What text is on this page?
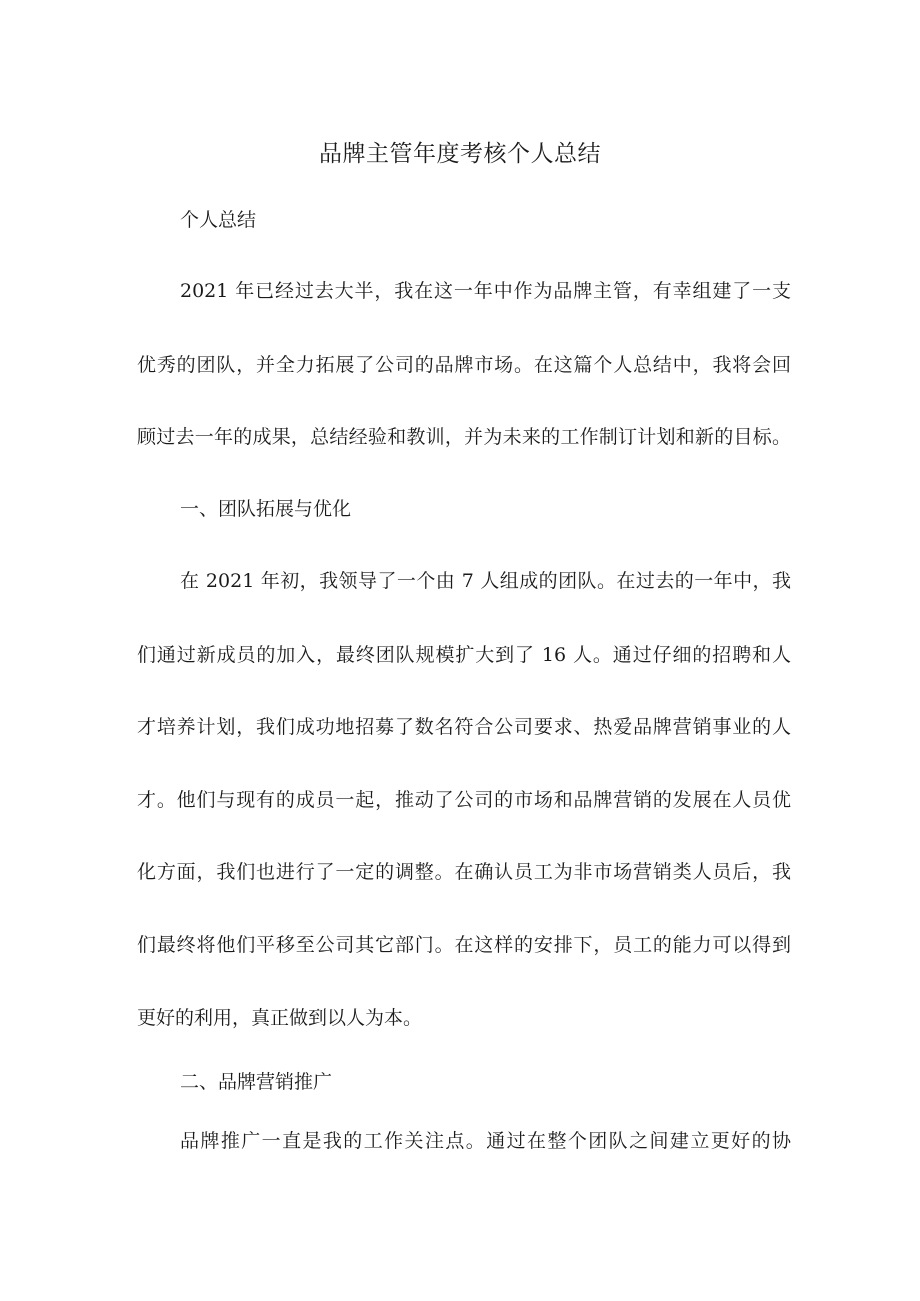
品牌主管年度考核个人总结
个人总结
2021 年已经过去大半，我在这一年中作为品牌主管，有幸组建了一支
优秀的团队，并全力拓展了公司的品牌市场。在这篇个人总结中，我将会回
顾过去一年的成果，总结经验和教训，并为未来的工作制订计划和新的目标。
一、团队拓展与优化
在 2021 年初，我领导了一个由 7 人组成的团队。在过去的一年中，我
们通过新成员的加入，最终团队规模扩大到了 16 人。通过仔细的招聘和人
才培养计划，我们成功地招募了数名符合公司要求、热爱品牌营销事业的人
才。他们与现有的成员一起，推动了公司的市场和品牌营销的发展在人员优
化方面，我们也进行了一定的调整。在确认员工为非市场营销类人员后，我
们最终将他们平移至公司其它部门。在这样的安排下，员工的能力可以得到
更好的利用，真正做到以人为本。
二、品牌营销推广
品牌推广一直是我的工作关注点。通过在整个团队之间建立更好的协
